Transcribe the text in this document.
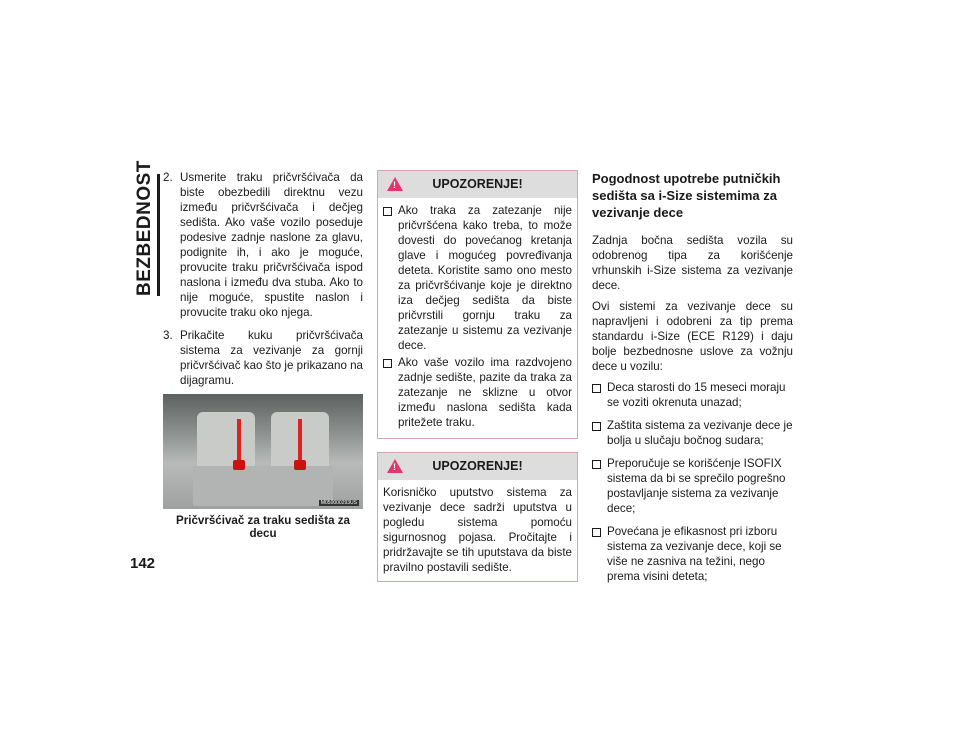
BEZBEDNOST
142
2. Usmerite traku pričvršćivača da biste obezbedili direktnu vezu između pričvršćivača i dečjeg sedišta. Ako vaše vozilo poseduje podesive zadnje naslone za glavu, podignite ih, i ako je moguće, provucite traku pričvršćivača ispod naslona i između dva stuba. Ako to nije moguće, spustite naslon i provucite traku oko njega.
3. Prikačite kuku pričvršćivača sistema za vezivanje za gornji pričvršćivač kao što je prikazano na dijagramu.
M050000293US
Pričvršćivač za traku sedišta za decu
!	UPOZORENJE!
Ako traka za zatezanje nije pričvršćena kako treba, to može dovesti do povećanog kretanja glave i mogućeg povređivanja deteta. Koristite samo ono mesto za pričvršćivanje koje je direktno iza dečjeg sedišta da biste pričvrstili gornju traku za zatezanje u sistemu za vezivanje dece.
Ako vaše vozilo ima razdvojeno zadnje sedište, pazite da traka za zatezanje ne sklizne u otvor između naslona sedišta kada pritežete traku.
!	UPOZORENJE!
Korisničko uputstvo sistema za vezivanje dece sadrži uputstva u pogledu sistema pomoću sigurnosnog pojasa. Pročitajte i pridržavajte se tih uputstava da biste pravilno postavili sedište.
Pogodnost upotrebe putničkih sedišta sa i-Size sistemima za vezivanje dece
Zadnja bočna sedišta vozila su odobrenog tipa za korišćenje vrhunskih i-Size sistema za vezivanje dece.
Ovi sistemi za vezivanje dece su napravljeni i odobreni za tip prema standardu i-Size (ECE R129) i daju bolje bezbednosne uslove za vožnju dece u vozilu:
Deca starosti do 15 meseci moraju se voziti okrenuta unazad;
Zaštita sistema za vezivanje dece je bolja u slučaju bočnog sudara;
Preporučuje se korišćenje ISOFIX sistema da bi se sprečilo pogrešno postavljanje sistema za vezivanje dece;
Povećana je efikasnost pri izboru sistema za vezivanje dece, koji se više ne zasniva na težini, nego prema visini deteta;
